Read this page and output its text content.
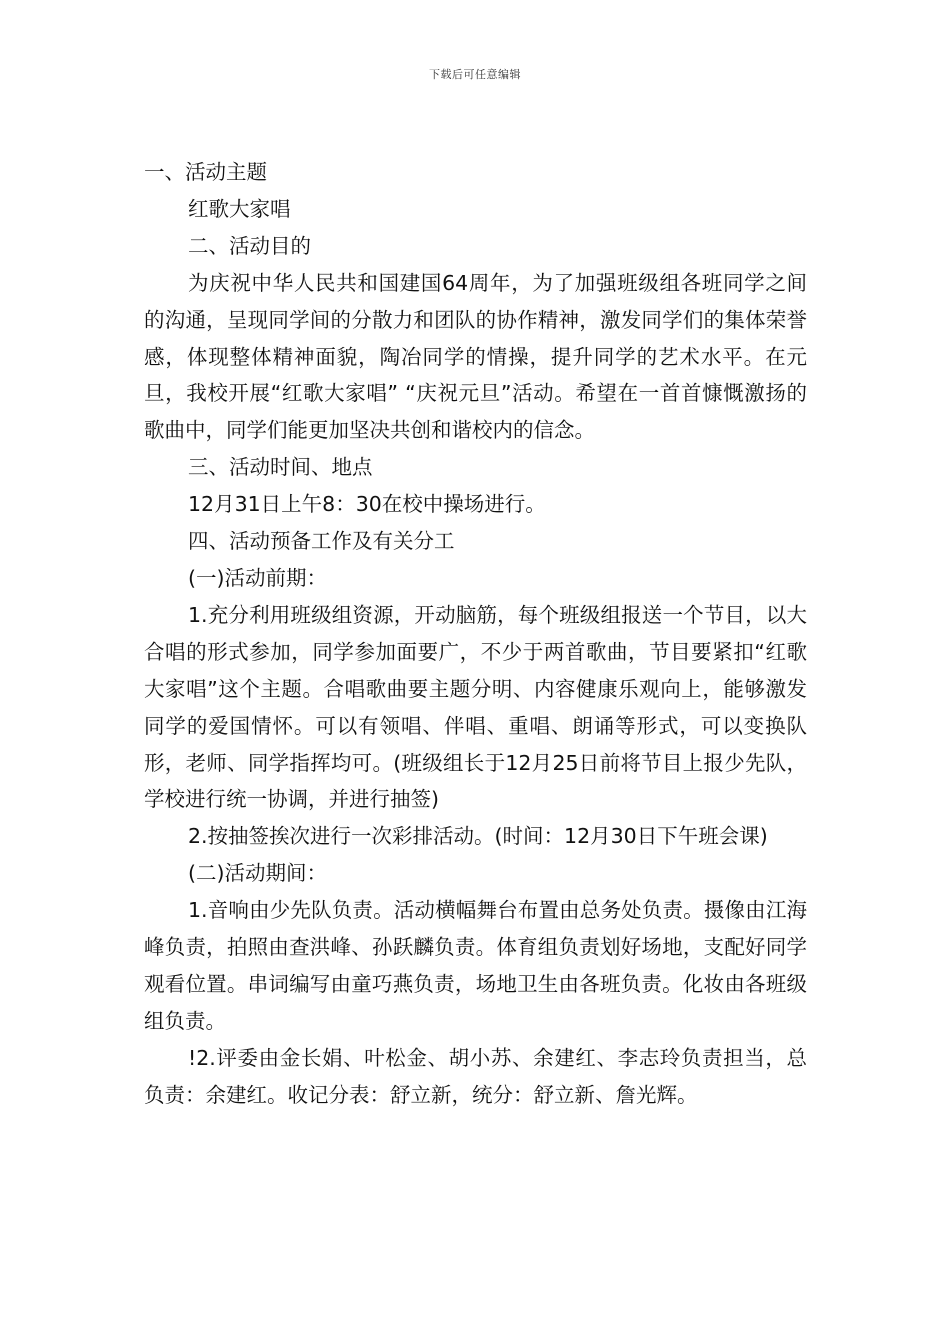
下载后可任意编辑

一、活动主题

红歌大家唱

二、活动目的

为庆祝中华人民共和国建国64周年，为了加强班级组各班同学之间的沟通，呈现同学间的分散力和团队的协作精神，激发同学们的集体荣誉感，体现整体精神面貌，陶冶同学的情操，提升同学的艺术水平。在元旦，我校开展“红歌大家唱” “庆祝元旦”活动。希望在一首首慷慨激扬的歌曲中，同学们能更加坚决共创和谐校内的信念。

三、活动时间、地点

12月31日上午8：30在校中操场进行。

四、活动预备工作及有关分工

(一)活动前期：

1.充分利用班级组资源，开动脑筋，每个班级组报送一个节目，以大合唱的形式参加，同学参加面要广，不少于两首歌曲，节目要紧扣“红歌大家唱”这个主题。合唱歌曲要主题分明、内容健康乐观向上，能够激发同学的爱国情怀。可以有领唱、伴唱、重唱、朗诵等形式，可以变换队形，老师、同学指挥均可。(班级组长于12月25日前将节目上报少先队，学校进行统一协调，并进行抽签)

2.按抽签挨次进行一次彩排活动。(时间：12月30日下午班会课)

(二)活动期间：

1.音响由少先队负责。活动横幅舞台布置由总务处负责。摄像由江海峰负责，拍照由查洪峰、孙跃麟负责。体育组负责划好场地，支配好同学观看位置。串词编写由童巧燕负责，场地卫生由各班负责。化妆由各班级组负责。

!2.评委由金长娟、叶松金、胡小苏、余建红、李志玲负责担当，总负责：余建红。收记分表：舒立新，统分：舒立新、詹光辉。
